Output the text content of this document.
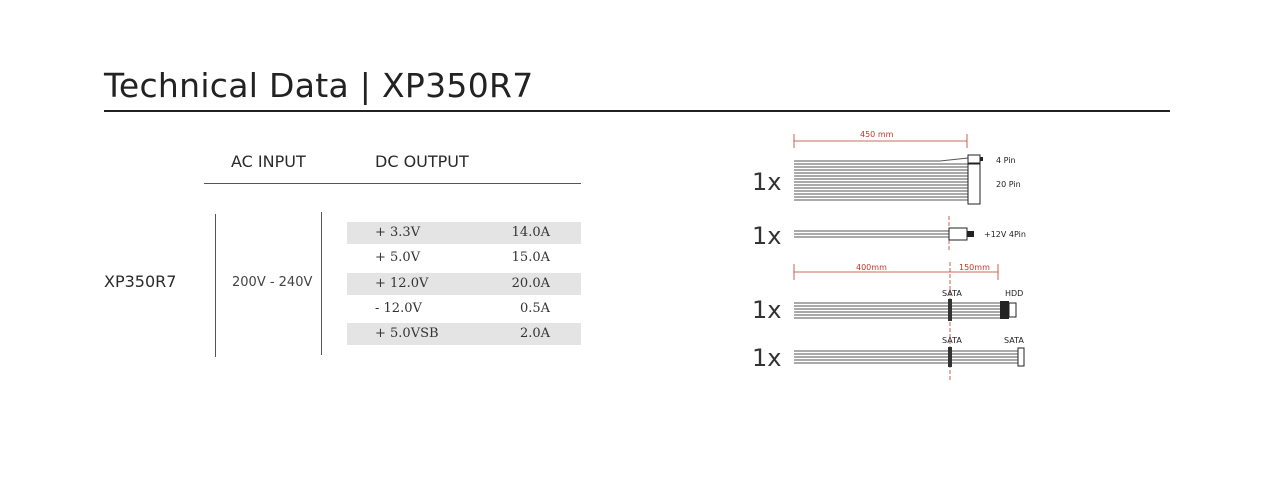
Technical Data | XP350R7
AC INPUT	DC OUTPUT
XP350R7	200V - 240V
+ 3.3V	14.0A
+ 5.0V	15.0A
+ 12.0V	20.0A
- 12.0V	0.5A
+ 5.0VSB	2.0A
1x
450 mm
4 Pin
20 Pin
1x	+12V 4Pin
1x
400mm	150mm
SATA	HDD
1x
SATA	SATA
